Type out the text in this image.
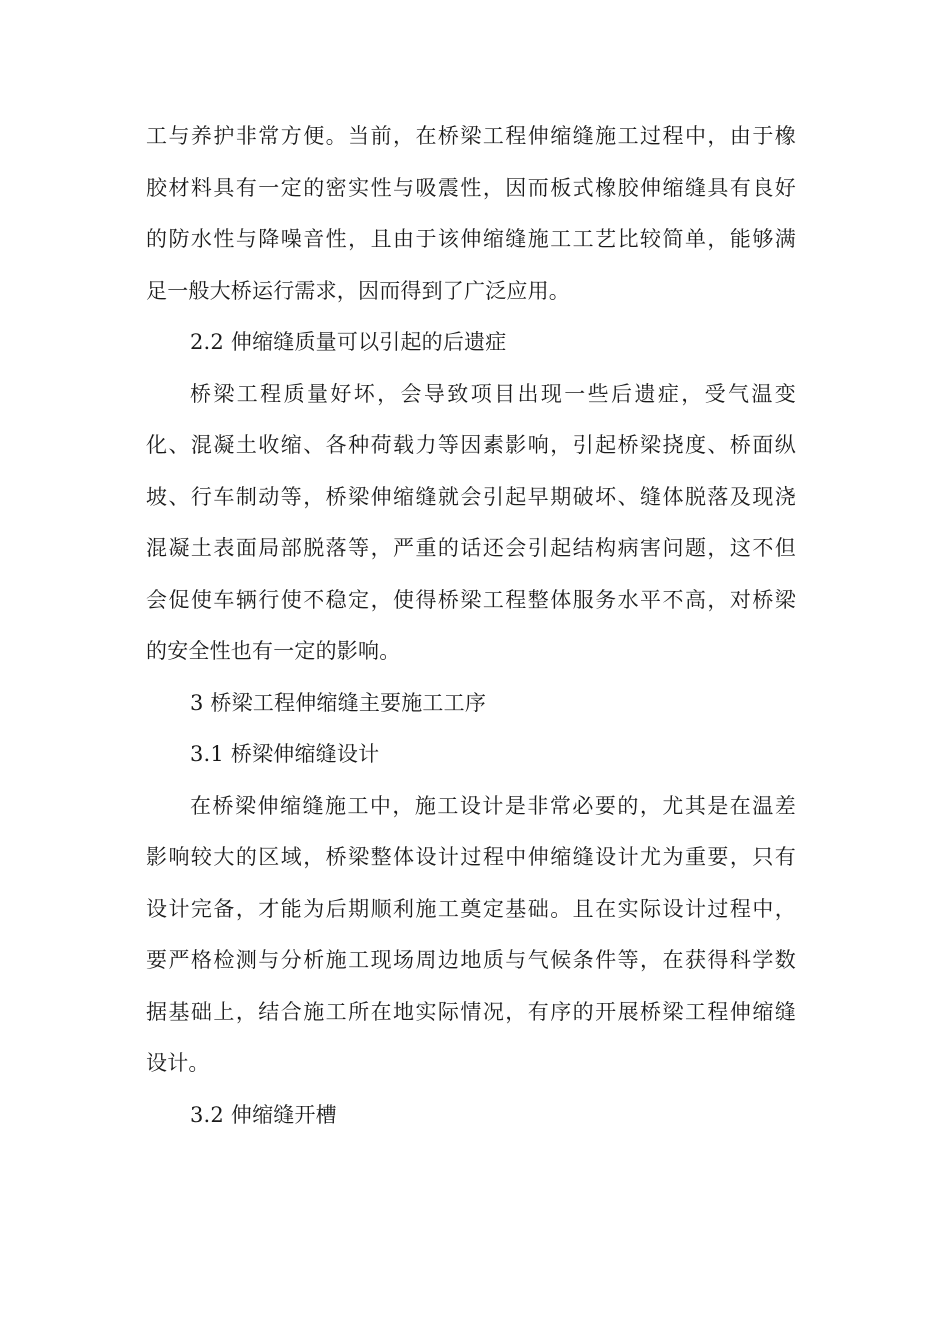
工与养护非常方便。当前，在桥梁工程伸缩缝施工过程中，由于橡
胶材料具有一定的密实性与吸震性，因而板式橡胶伸缩缝具有良好
的防水性与降噪音性，且由于该伸缩缝施工工艺比较简单，能够满
足一般大桥运行需求，因而得到了广泛应用。
2.2 伸缩缝质量可以引起的后遗症
桥梁工程质量好坏，会导致项目出现一些后遗症，受气温变
化、混凝土收缩、各种荷载力等因素影响，引起桥梁挠度、桥面纵
坡、行车制动等，桥梁伸缩缝就会引起早期破坏、缝体脱落及现浇
混凝土表面局部脱落等，严重的话还会引起结构病害问题，这不但
会促使车辆行使不稳定，使得桥梁工程整体服务水平不高，对桥梁
的安全性也有一定的影响。
3 桥梁工程伸缩缝主要施工工序
3.1 桥梁伸缩缝设计
在桥梁伸缩缝施工中，施工设计是非常必要的，尤其是在温差
影响较大的区域，桥梁整体设计过程中伸缩缝设计尤为重要，只有
设计完备，才能为后期顺利施工奠定基础。且在实际设计过程中，
要严格检测与分析施工现场周边地质与气候条件等，在获得科学数
据基础上，结合施工所在地实际情况，有序的开展桥梁工程伸缩缝
设计。
3.2 伸缩缝开槽
